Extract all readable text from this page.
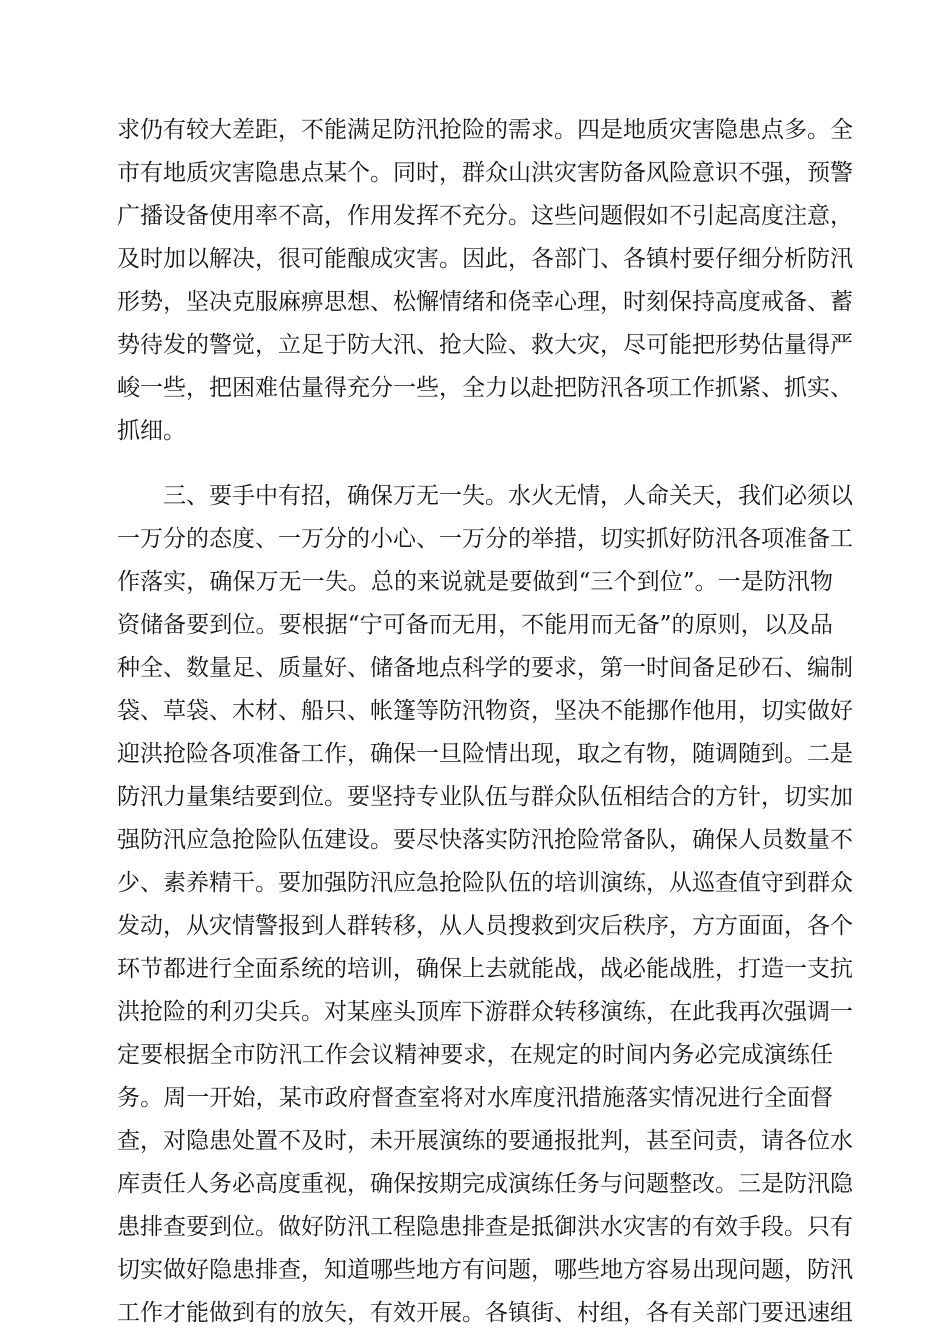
求仍有较大差距，不能满足防汛抢险的需求。四是地质灾害隐患点多。全
市有地质灾害隐患点某个。同时，群众山洪灾害防备风险意识不强，预警
广播设备使用率不高，作用发挥不充分。这些问题假如不引起高度注意，
及时加以解决，很可能酿成灾害。因此，各部门、各镇村要仔细分析防汛
形势，坚决克服麻痹思想、松懈情绪和侥幸心理，时刻保持高度戒备、蓄
势待发的警觉，立足于防大汛、抢大险、救大灾，尽可能把形势估量得严
峻一些，把困难估量得充分一些，全力以赴把防汛各项工作抓紧、抓实、
抓细。
三、要手中有招，确保万无一失。水火无情，人命关天，我们必须以
一万分的态度、一万分的小心、一万分的举措，切实抓好防汛各项准备工
作落实，确保万无一失。总的来说就是要做到“三个到位”。一是防汛物
资储备要到位。要根据“宁可备而无用，不能用而无备”的原则，以及品
种全、数量足、质量好、储备地点科学的要求，第一时间备足砂石、编制
袋、草袋、木材、船只、帐篷等防汛物资，坚决不能挪作他用，切实做好
迎洪抢险各项准备工作，确保一旦险情出现，取之有物，随调随到。二是
防汛力量集结要到位。要坚持专业队伍与群众队伍相结合的方针，切实加
强防汛应急抢险队伍建设。要尽快落实防汛抢险常备队，确保人员数量不
少、素养精干。要加强防汛应急抢险队伍的培训演练，从巡查值守到群众
发动，从灾情警报到人群转移，从人员搜救到灾后秩序，方方面面，各个
环节都进行全面系统的培训，确保上去就能战，战必能战胜，打造一支抗
洪抢险的利刃尖兵。对某座头顶库下游群众转移演练，在此我再次强调一
定要根据全市防汛工作会议精神要求，在规定的时间内务必完成演练任
务。周一开始，某市政府督查室将对水库度汛措施落实情况进行全面督
查，对隐患处置不及时，未开展演练的要通报批判，甚至问责，请各位水
库责任人务必高度重视，确保按期完成演练任务与问题整改。三是防汛隐
患排查要到位。做好防汛工程隐患排查是抵御洪水灾害的有效手段。只有
切实做好隐患排查，知道哪些地方有问题，哪些地方容易出现问题，防汛
工作才能做到有的放矢，有效开展。各镇街、村组，各有关部门要迅速组
